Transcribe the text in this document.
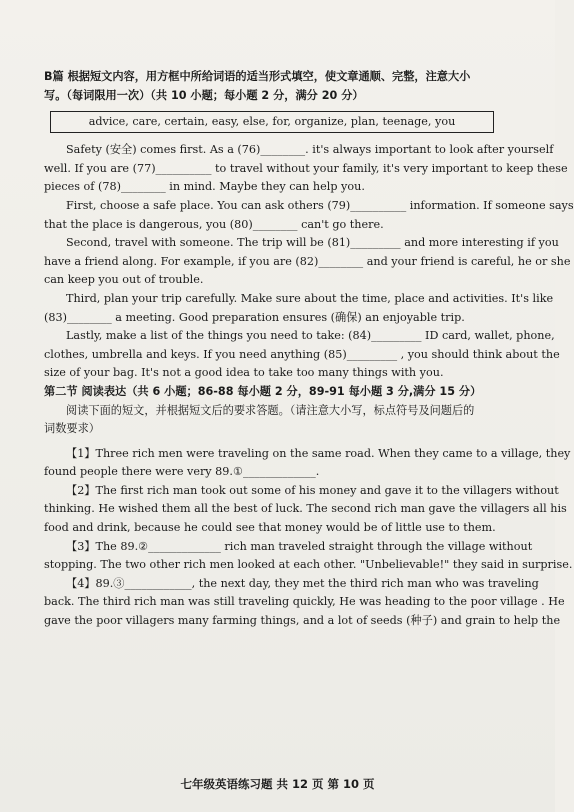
B篇 根据短文内容，用方框中所给词语的适当形式填空，使文章通顺、完整，注意大小
写。（每词限用一次）（共 10 小题；每小题 2 分，满分 20 分）
advice, care, certain, easy, else, for, organize, plan, teenage, you
Safety (安全) comes first. As a (76)________. it's always important to look after yourself
well. If you are (77)__________ to travel without your family, it's very important to keep these
pieces of (78)________ in mind. Maybe they can help you.
First, choose a safe place. You can ask others (79)__________ information. If someone says
that the place is dangerous, you (80)________ can't go there.
Second, travel with someone. The trip will be (81)_________ and more interesting if you
have a friend along. For example, if you are (82)________ and your friend is careful, he or she
can keep you out of trouble.
Third, plan your trip carefully. Make sure about the time, place and activities. It's like
(83)________ a meeting. Good preparation ensures (确保) an enjoyable trip.
Lastly, make a list of the things you need to take: (84)_________ ID card, wallet, phone,
clothes, umbrella and keys. If you need anything (85)_________ , you should think about the
size of your bag. It's not a good idea to take too many things with you.
第二节 阅读表达（共 6 小题；86-88 每小题 2 分，89-91 每小题 3 分,满分 15 分）
阅读下面的短文，并根据短文后的要求答题。（请注意大小写，标点符号及问题后的
词数要求）
【1】Three rich men were traveling on the same road. When they came to a village, they
found people there were very 89.①_____________.
【2】The first rich man took out some of his money and gave it to the villagers without
thinking. He wished them all the best of luck. The second rich man gave the villagers all his
food and drink, because he could see that money would be of little use to them.
【3】The 89.②_____________ rich man traveled straight through the village without
stopping. The two other rich men looked at each other. "Unbelievable!" they said in surprise.
【4】89.③____________, the next day, they met the third rich man who was traveling
back. The third rich man was still traveling quickly, He was heading to the poor village . He
gave the poor villagers many farming things, and a lot of seeds (种子) and grain to help the
七年级英语练习题 共 12 页 第 10 页
